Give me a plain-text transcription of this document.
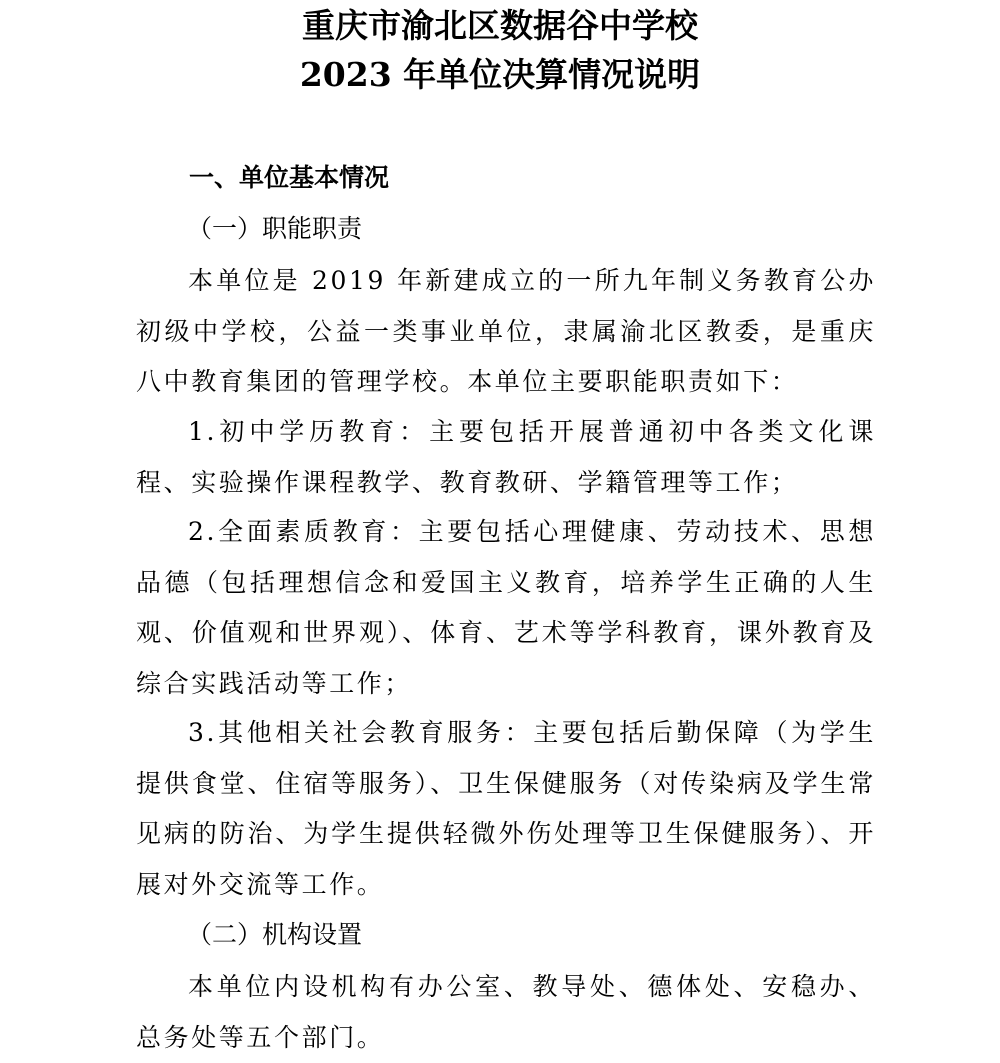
重庆市渝北区数据谷中学校
2023 年单位决算情况说明
一、单位基本情况
（一）职能职责

本单位是 2019 年新建成立的一所九年制义务教育公办初级中学校，公益一类事业单位，隶属渝北区教委，是重庆八中教育集团的管理学校。本单位主要职能职责如下：

1.初中学历教育：主要包括开展普通初中各类文化课程、实验操作课程教学、教育教研、学籍管理等工作；

2.全面素质教育：主要包括心理健康、劳动技术、思想品德（包括理想信念和爱国主义教育，培养学生正确的人生观、价值观和世界观）、体育、艺术等学科教育，课外教育及综合实践活动等工作；

3.其他相关社会教育服务：主要包括后勤保障（为学生提供食堂、住宿等服务）、卫生保健服务（对传染病及学生常见病的防治、为学生提供轻微外伤处理等卫生保健服务）、开展对外交流等工作。

（二）机构设置

本单位内设机构有办公室、教导处、德体处、安稳办、总务处等五个部门。
